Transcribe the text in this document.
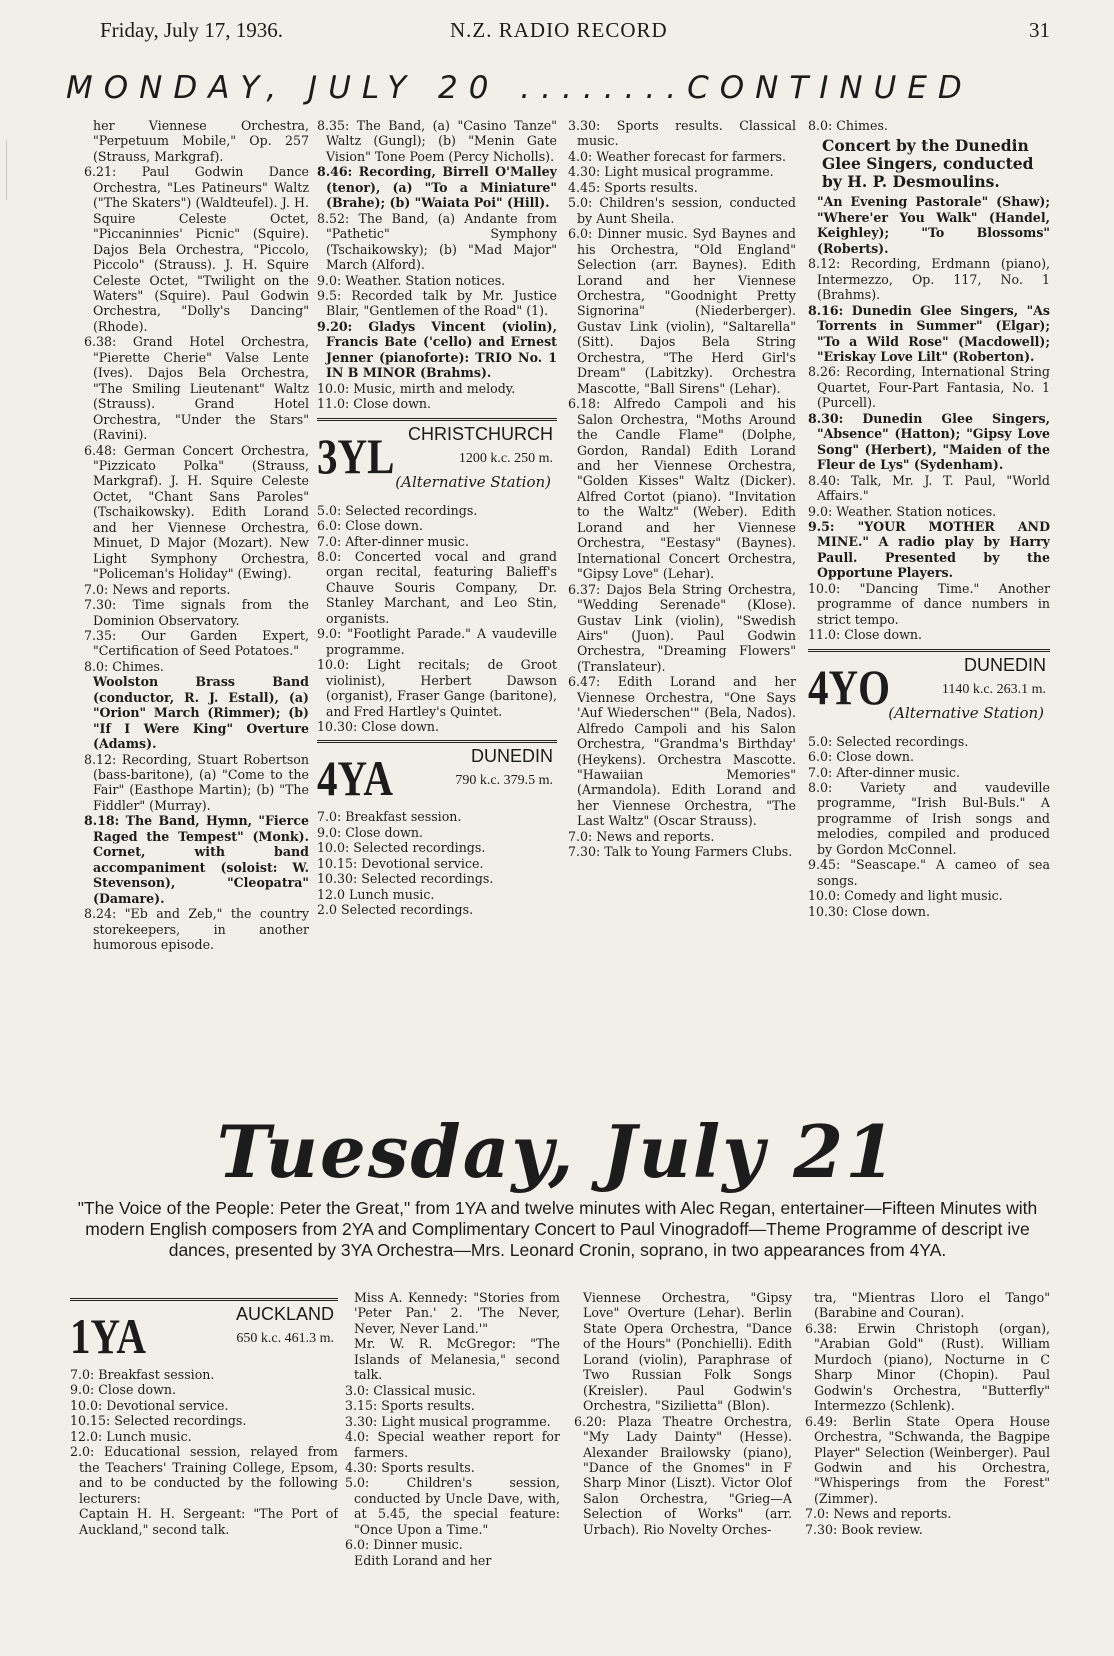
Friday, July 17, 1936.	N.Z. RADIO RECORD	31
MONDAY, JULY 20 ........CONTINUED

her Viennese Orchestra, "Perpetuum Mobile," Op. 257 (Strauss, Markgraf).

6.21: Paul Godwin Dance Orchestra, "Les Patineurs" Waltz ("The Skaters") (Waldteufel). J. H. Squire Celeste Octet, "Piccaninnies' Picnic" (Squire). Dajos Bela Orchestra, "Piccolo, Piccolo" (Strauss). J. H. Squire Celeste Octet, "Twilight on the Waters" (Squire). Paul Godwin Orchestra, "Dolly's Dancing" (Rhode).

6.38: Grand Hotel Orchestra, "Pierette Cherie" Valse Lente (Ives). Dajos Bela Orchestra, "The Smiling Lieutenant" Waltz (Strauss). Grand Hotel Orchestra, "Under the Stars" (Ravini).

6.48: German Concert Orchestra, "Pizzicato Polka" (Strauss, Markgraf). J. H. Squire Celeste Octet, "Chant Sans Paroles" (Tschaikowsky). Edith Lorand and her Viennese Orchestra, Minuet, D Major (Mozart). New Light Symphony Orchestra, "Policeman's Holiday" (Ewing).

7.0: News and reports.

7.30: Time signals from the Dominion Observatory.

7.35: Our Garden Expert, "Certification of Seed Potatoes."

8.0: Chimes.

Woolston Brass Band (conductor, R. J. Estall), (a) "Orion" March (Rimmer); (b) "If I Were King" Overture (Adams).

8.12: Recording, Stuart Robertson (bass-baritone), (a) "Come to the Fair" (Easthope Martin); (b) "The Fiddler" (Murray).

8.18: The Band, Hymn, "Fierce Raged the Tempest" (Monk). Cornet, with band accompaniment (soloist: W. Stevenson), "Cleopatra" (Damare).

8.24: "Eb and Zeb," the country storekeepers, in another humorous episode.

8.35: The Band, (a) "Casino Tanze" Waltz (Gungl); (b) "Menin Gate Vision" Tone Poem (Percy Nicholls).

8.46: Recording, Birrell O'Malley (tenor), (a) "To a Miniature" (Brahe); (b) "Waiata Poi" (Hill).

8.52: The Band, (a) Andante from "Pathetic" Symphony (Tschaikowsky); (b) "Mad Major" March (Alford).

9.0: Weather. Station notices.

9.5: Recorded talk by Mr. Justice Blair, "Gentlemen of the Road" (1).

9.20: Gladys Vincent (violin), Francis Bate ('cello) and Ernest Jenner (pianoforte): TRIO No. 1 IN B MINOR (Brahms).

10.0: Music, mirth and melody.

11.0: Close down.

3YL CHRISTCHURCH
1200 k.c. 250 m.
(Alternative Station)

5.0: Selected recordings.

6.0: Close down.

7.0: After-dinner music.

8.0: Concerted vocal and grand organ recital, featuring Balieff's Chauve Souris Company, Dr. Stanley Marchant, and Leo Stin, organists.

9.0: "Footlight Parade." A vaudeville programme.

10.0: Light recitals; de Groot violinist), Herbert Dawson (organist), Fraser Gange (baritone), and Fred Hartley's Quintet.

10.30: Close down.

4YA	DUNEDIN
790 k.c. 379.5 m.

7.0: Breakfast session.

9.0: Close down.

10.0: Selected recordings.

10.15: Devotional service.

10.30: Selected recordings.

12.0 Lunch music.

2.0 Selected recordings.

3.30: Sports results. Classical music.

4.0: Weather forecast for farmers.

4.30: Light musical programme.

4.45: Sports results.

5.0: Children's session, conducted by Aunt Sheila.

6.0: Dinner music. Syd Baynes and his Orchestra, "Old England" Selection (arr. Baynes). Edith Lorand and her Viennese Orchestra, "Goodnight Pretty Signorina" (Niederberger). Gustav Link (violin), "Saltarella" (Sitt). Dajos Bela String Orchestra, "The Herd Girl's Dream" (Labitzky). Orchestra Mascotte, "Ball Sirens" (Lehar).

6.18: Alfredo Campoli and his Salon Orchestra, "Moths Around the Candle Flame" (Dolphe, Gordon, Randal) Edith Lorand and her Viennese Orchestra, "Golden Kisses" Waltz (Dicker). Alfred Cortot (piano). "Invitation to the Waltz" (Weber). Edith Lorand and her Viennese Orchestra, "Eestasy" (Baynes). International Concert Orchestra, "Gipsy Love" (Lehar).

6.37: Dajos Bela String Orchestra, "Wedding Serenade" (Klose). Gustav Link (violin), "Swedish Airs" (Juon). Paul Godwin Orchestra, "Dreaming Flowers" (Translateur).

6.47: Edith Lorand and her Viennese Orchestra, "One Says 'Auf Wiederschen'" (Bela, Nados). Alfredo Campoli and his Salon Orchestra, "Grandma's Birthday' (Heykens). Orchestra Mascotte. "Hawaiian Memories" (Armandola). Edith Lorand and her Viennese Orchestra, "The Last Waltz" (Oscar Strauss).

7.0: News and reports.

7.30: Talk to Young Farmers Clubs.

8.0: Chimes.

Concert by the Dunedin Glee Singers, conducted by H. P. Desmoulins.

"An Evening Pastorale" (Shaw); "Where'er You Walk" (Handel, Keighley); "To Blossoms" (Roberts).

8.12: Recording, Erdmann (piano), Intermezzo, Op. 117, No. 1 (Brahms).

8.16: Dunedin Glee Singers, "As Torrents in Summer" (Elgar); "To a Wild Rose" (Macdowell); "Eriskay Love Lilt" (Roberton).

8.26: Recording, International String Quartet, Four-Part Fantasia, No. 1 (Purcell).

8.30: Dunedin Glee Singers, "Absence" (Hatton); "Gipsy Love Song" (Herbert), "Maiden of the Fleur de Lys" (Sydenham).

8.40: Talk, Mr. J. T. Paul, "World Affairs."

9.0: Weather. Station notices.

9.5: "YOUR MOTHER AND MINE." A radio play by Harry Paull. Presented by the Opportune Players.

10.0: "Dancing Time." Another programme of dance numbers in strict tempo.

11.0: Close down.

4YO	DUNEDIN
1140 k.c. 263.1 m.
(Alternative Station)

5.0: Selected recordings.

6.0: Close down.

7.0: After-dinner music.

8.0: Variety and vaudeville programme, "Irish Bul-Buls." A programme of Irish songs and melodies, compiled and produced by Gordon McConnel.

9.45: "Seascape." A cameo of sea songs.

10.0: Comedy and light music.

10.30: Close down.

Tuesday, July 21
"The Voice of the People: Peter the Great," from 1YA and twelve minutes with Alec Regan, entertainer—Fifteen Minutes with modern English composers from 2YA and Complimentary Concert to Paul Vinogradoff—Theme Programme of descript ive dances, presented by 3YA Orchestra—Mrs. Leonard Cronin, soprano, in two appearances from 4YA.
1YA	AUCKLAND
650 k.c. 461.3 m.

7.0: Breakfast session.

9.0: Close down.

10.0: Devotional service.

10.15: Selected recordings.

12.0: Lunch music.

2.0: Educational session, relayed from the Teachers' Training College, Epsom, and to be conducted by the following lecturers:

Captain H. H. Sergeant: "The Port of Auckland," second talk.

Miss A. Kennedy: "Stories from 'Peter Pan.' 2. 'The Never, Never, Never Land.'"

Mr. W. R. McGregor: "The Islands of Melanesia," second talk.

3.0: Classical music.

3.15: Sports results.

3.30: Light musical programme.

4.0: Special weather report for farmers.

4.30: Sports results.

5.0: Children's session, conducted by Uncle Dave, with, at 5.45, the special feature: "Once Upon a Time."

6.0: Dinner music.

Edith Lorand and her

Viennese Orchestra, "Gipsy Love" Overture (Lehar). Berlin State Opera Orchestra, "Dance of the Hours" (Ponchielli). Edith Lorand (violin), Paraphrase of Two Russian Folk Songs (Kreisler). Paul Godwin's Orchestra, "Sizilietta" (Blon).

6.20: Plaza Theatre Orchestra, "My Lady Dainty" (Hesse). Alexander Brailowsky (piano), "Dance of the Gnomes" in F Sharp Minor (Liszt). Victor Olof Salon Orchestra, "Grieg—A Selection of Works" (arr. Urbach). Rio Novelty Orches-

tra, "Mientras Lloro el Tango" (Barabine and Couran).

6.38: Erwin Christoph (organ), "Arabian Gold" (Rust). William Murdoch (piano), Nocturne in C Sharp Minor (Chopin). Paul Godwin's Orchestra, "Butterfly" Intermezzo (Schlenk).

6.49: Berlin State Opera House Orchestra, "Schwanda, the Bagpipe Player" Selection (Weinberger). Paul Godwin and his Orchestra, "Whisperings from the Forest" (Zimmer).

7.0: News and reports.

7.30: Book review.
